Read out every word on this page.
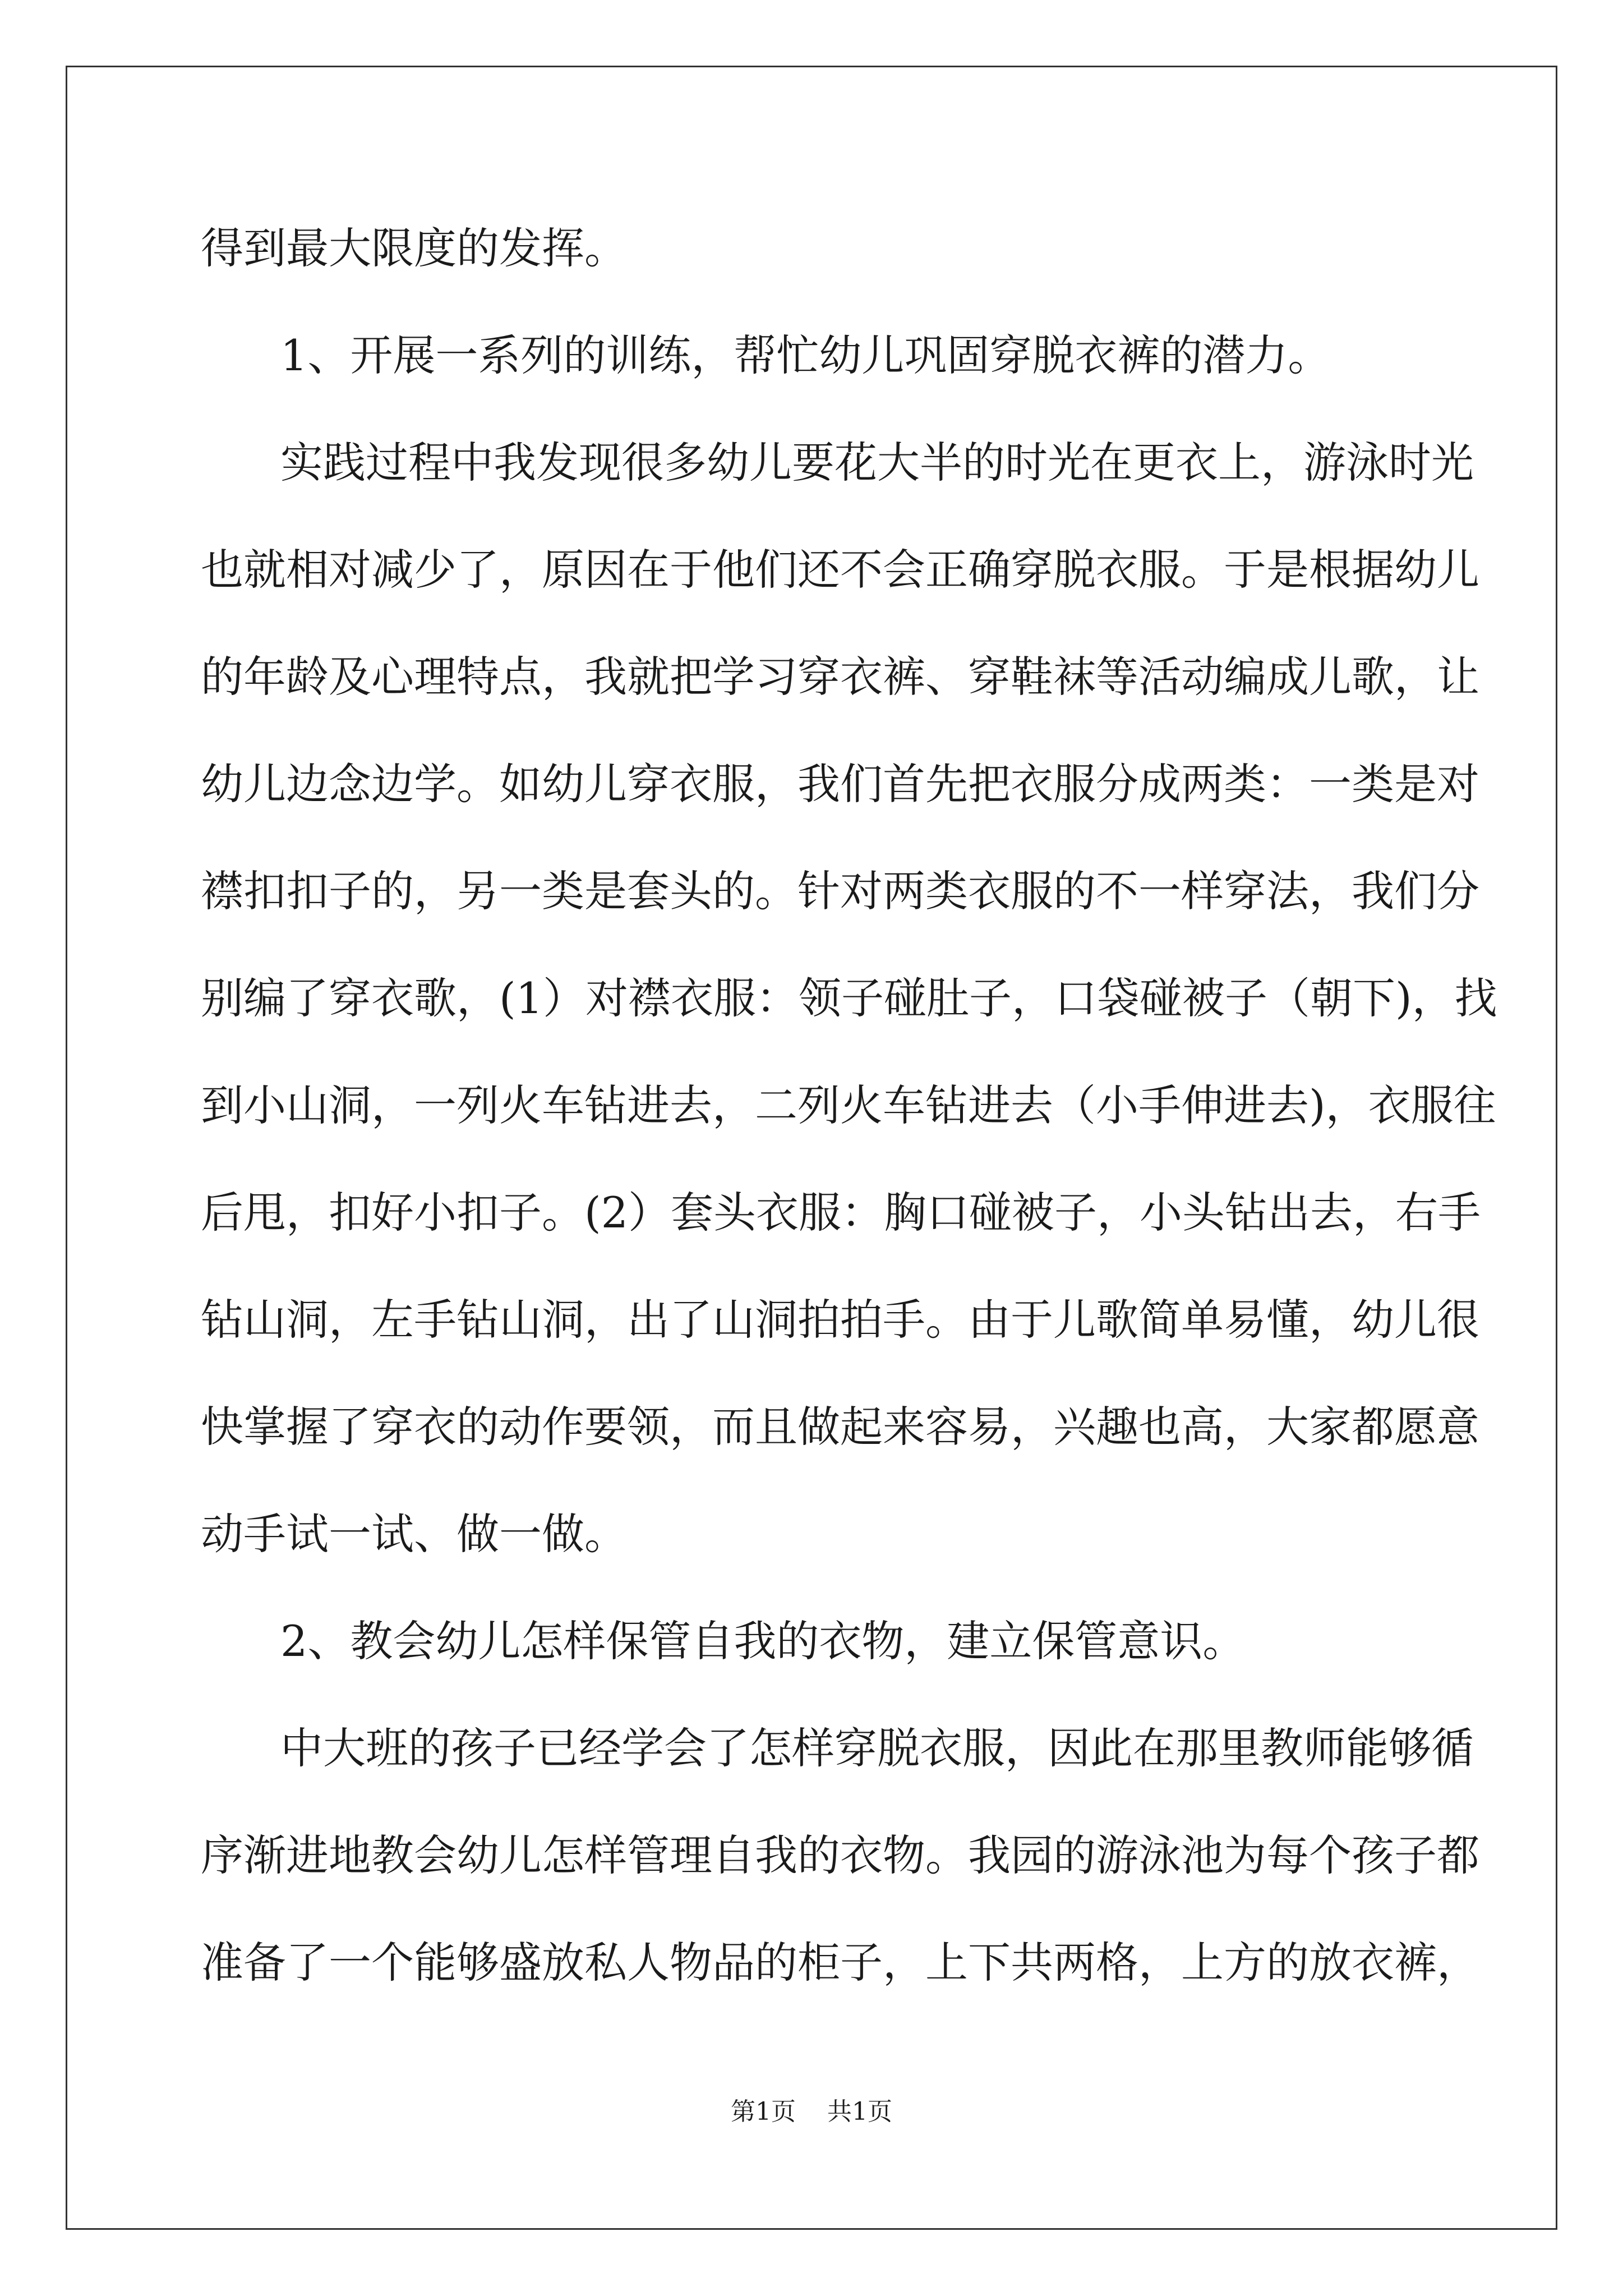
得到最大限度的发挥。
1、开展一系列的训练，帮忙幼儿巩固穿脱衣裤的潜力。
实践过程中我发现很多幼儿要花大半的时光在更衣上，游泳时光
也就相对减少了，原因在于他们还不会正确穿脱衣服。于是根据幼儿
的年龄及心理特点，我就把学习穿衣裤、穿鞋袜等活动编成儿歌，让
幼儿边念边学。如幼儿穿衣服，我们首先把衣服分成两类：一类是对
襟扣扣子的，另一类是套头的。针对两类衣服的不一样穿法，我们分
别编了穿衣歌，(1）对襟衣服：领子碰肚子，口袋碰被子（朝下)，找
到小山洞，一列火车钻进去，二列火车钻进去（小手伸进去)，衣服往
后甩，扣好小扣子。(2）套头衣服：胸口碰被子，小头钻出去，右手
钻山洞，左手钻山洞，出了山洞拍拍手。由于儿歌简单易懂，幼儿很
快掌握了穿衣的动作要领，而且做起来容易，兴趣也高，大家都愿意
动手试一试、做一做。
2、教会幼儿怎样保管自我的衣物，建立保管意识。
中大班的孩子已经学会了怎样穿脱衣服，因此在那里教师能够循
序渐进地教会幼儿怎样管理自我的衣物。我园的游泳池为每个孩子都
准备了一个能够盛放私人物品的柜子，上下共两格，上方的放衣裤，
第1页    共1页
